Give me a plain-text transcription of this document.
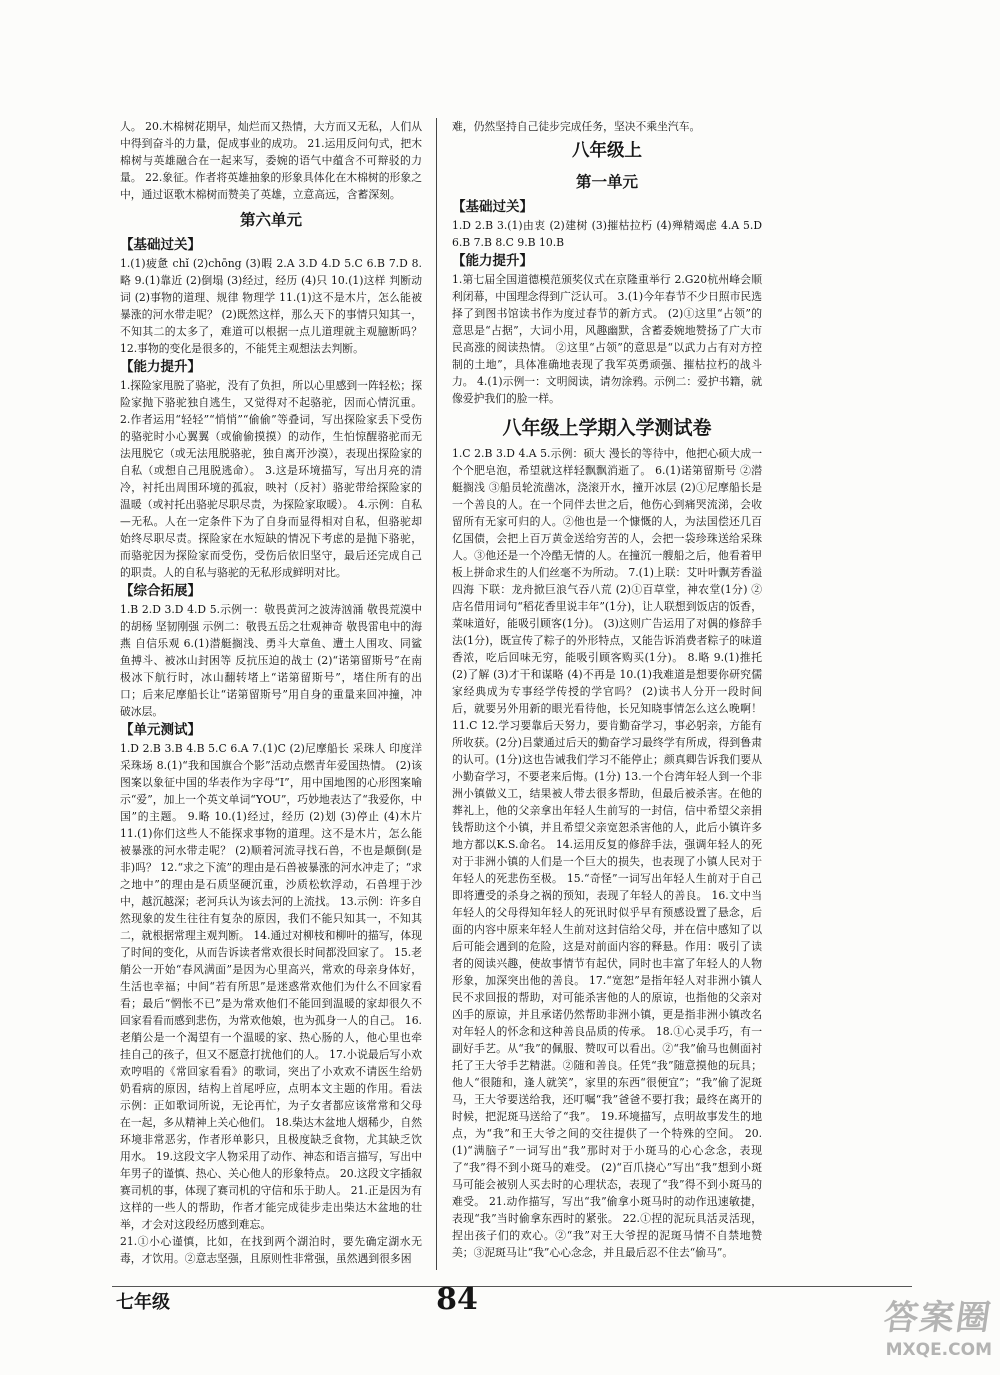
人。 20.木棉树花期早，灿烂而又热情，大方而又无私，人们从中得到奋斗的力量，促成事业的成功。 21.运用反问句式，把木棉树与英雄融合在一起来写，委婉的语气中蕴含不可辩驳的力量。 22.象征。作者将英雄抽象的形象具体化在木棉树的形象之中，通过讴歌木棉树而赞美了英雄，立意高远，含蓄深刻。

第六单元
【基础过关】

1.(1)疲惫 chǐ (2)chōng (3)暇 2.A 3.D 4.D 5.C 6.B 7.D 8.略 9.(1)靠近 (2)倒塌 (3)经过，经历 (4)只 10.(1)这样 判断动词 (2)事物的道理、规律 物理学 11.(1)这不是木片，怎么能被暴涨的河水带走呢？ (2)既然这样，那么天下的事情只知其一，不知其二的太多了，难道可以根据一点儿道理就主观臆断吗？ 12.事物的变化是很多的，不能凭主观想法去判断。

【能力提升】

1.探险家甩脱了骆驼，没有了负担，所以心里感到一阵轻松；探险家抛下骆驼独自逃生，又觉得对不起骆驼，因而心情沉重。 2.作者运用“轻轻”“悄悄”“偷偷”等叠词，写出探险家丢下受伤的骆驼时小心翼翼（或偷偷摸摸）的动作，生怕惊醒骆驼而无法甩脱它（或无法甩脱骆驼，独自离开沙漠），表现出探险家的自私（或想自己甩脱逃命）。 3.这是环境描写，写出月亮的清冷，衬托出周围环境的孤寂，映衬（反衬）骆驼带给探险家的温暖（或衬托出骆驼尽职尽责，为探险家取暖）。 4.示例：自私—无私。人在一定条件下为了自身而显得相对自私，但骆驼却始终尽职尽责。探险家在水短缺的情况下考虑的是抛下骆驼，而骆驼因为探险家而受伤，受伤后依旧坚守，最后还完成自己的职责。人的自私与骆驼的无私形成鲜明对比。

【综合拓展】

1.B 2.D 3.D 4.D 5.示例一：敬畏黄河之波涛汹涌 敬畏荒漠中的胡杨 坚韧刚强 示例二：敬畏五岳之壮观神奇 敬畏雷电中的海燕 自信乐观 6.(1)潜艇搁浅、勇斗大章鱼、遭土人围攻、同鲨鱼搏斗、被冰山封困等 反抗压迫的战士 (2)“诺第留斯号”在南极冰下航行时，冰山翻转堵上“诺第留斯号”，堵住所有的出口；后来尼摩船长让“诺第留斯号”用自身的重量来回冲撞，冲破冰层。

【单元测试】

1.D 2.B 3.B 4.B 5.C 6.A 7.(1)C (2)尼摩船长 采珠人 印度洋采珠场 8.(1)“我和国旗合个影”活动点燃青年爱国热情。 (2)该图案以象征中国的华表作为字母“I”，用中国地图的心形图案喻示“爱”，加上一个英文单词“YOU”，巧妙地表达了“我爱你，中国”的主题。 9.略 10.(1)经过，经历 (2)划 (3)停止 (4)木片 11.(1)你们这些人不能探求事物的道理。这不是木片，怎么能被暴涨的河水带走呢？ (2)顺着河流寻找石兽，不也是颠倒(是非)吗？ 12.“求之下流”的理由是石兽被暴涨的河水冲走了；“求之地中”的理由是石质坚硬沉重，沙质松软浮动，石兽埋于沙中，越沉越深；老河兵认为该去河的上流找。 13.示例：许多自然现象的发生往往有复杂的原因，我们不能只知其一，不知其二，就根据常理主观判断。 14.通过对柳枝和柳叶的描写，体现了时间的变化，从而告诉读者常欢很长时间都没回家了。 15.老艄公一开始“春风满面”是因为心里高兴，常欢的母亲身体好，生活也幸福；中间“若有所思”是迷惑常欢他们为什么不回家看看；最后“惘怅不已”是为常欢他们不能回到温暖的家却很久不回家看看而感到悲伤，为常欢他娘，也为孤身一人的自己。 16.老艄公是一个渴望有一个温暖的家、热心肠的人，他心里也牵挂自己的孩子，但又不愿意打扰他们的人。 17.小说最后写小欢欢哼唱的《常回家看看》的歌词，突出了小欢欢不请医生给奶奶看病的原因，结构上首尾呼应，点明本文主题的作用。看法示例：正如歌词所说，无论再忙，为子女者都应该常常和父母在一起，多从精神上关心他们。 18.柴达木盆地人烟稀少，自然环境非常恶劣，作者形单影只，且极度缺乏食物，尤其缺乏饮用水。 19.这段文字人物采用了动作、神态和语言描写，写出中年男子的谨慎、热心、关心他人的形象特点。 20.这段文字插叙赛司机的事，体现了赛司机的守信和乐于助人。 21.正是因为有这样的一些人的帮助，作者才能完成徒步走出柴达木盆地的壮举，才会对这段经历感到难忘。

21.①小心谨慎，比如，在找到两个湖泊时，要先确定湖水无毒，才饮用。②意志坚强，且原则性非常强，虽然遇到很多困

难，仍然坚持自己徒步完成任务，坚决不乘坐汽车。

八年级上
第一单元
【基础过关】

1.D 2.B 3.(1)由衷 (2)建树 (3)摧枯拉朽 (4)殚精竭虑 4.A 5.D 6.B 7.B 8.C 9.B 10.B

【能力提升】

1.第七届全国道德模范颁奖仪式在京隆重举行 2.G20杭州峰会顺利闭幕，中国理念得到广泛认可。 3.(1)今年春节不少日照市民选择了到图书馆读书作为度过春节的新方式。 (2)①这里“占领”的意思是“占据”，大词小用，风趣幽默，含蓄委婉地赞扬了广大市民高涨的阅读热情。 ②这里“占领”的意思是“以武力占有对方控制的土地”，具体准确地表现了我军英勇顽强、摧枯拉朽的战斗力。 4.(1)示例一：文明阅读，请勿涂鸦。示例二：爱护书籍，就像爱护我们的脸一样。

八年级上学期入学测试卷

1.C 2.B 3.D 4.A 5.示例：硕大 漫长的等待中，他把心硕大成一个个肥皂泡，希望就这样轻飘飘消逝了。 6.(1)诺第留斯号 ②潜艇搁浅 ③船员轮流凿冰，浇滚开水，撞开冰层 (2)①尼摩船长是一个善良的人。在一个同伴去世之后，他伤心到痛哭流涕，会收留所有无家可归的人。②他也是一个慷慨的人，为法国偿还几百亿国债，会把上百万黄金送给穷苦的人，会把一袋珍珠送给采珠人。③他还是一个冷酷无情的人。在撞沉一艘船之后，他看着甲板上拼命求生的人们丝毫不为所动。 7.(1)上联：艾叶叶飘芳香溢四海 下联：龙舟掀巨浪气吞八荒 (2)①百草堂，神农堂(1分) ②店名借用词句“稻花香里说丰年”(1分)，让人联想到饭店的饭香，菜味道好，能吸引顾客(1分)。 (3)这则广告运用了对偶的修辞手法(1分)，既宣传了粽子的外形特点，又能告诉消费者粽子的味道香浓，吃后回味无穷，能吸引顾客购买(1分)。 8.略 9.(1)推托 (2)了解 (3)才干和谋略 (4)不再是 10.(1)我难道是想要你研究儒家经典成为专事经学传授的学官吗？ (2)读书人分开一段时间后，就要另外用新的眼光看待他，长兄知晓事情怎么这么晚啊！ 11.C 12.学习要靠后天努力，要肯勤奋学习，事必躬亲，方能有所收获。(2分)吕蒙通过后天的勤奋学习最终学有所成，得到鲁肃的认可。(1分)这也告诫我们学习不能停止；颜真卿告诉我们要从小勤奋学习，不要老来后悔。(1分) 13.一个台湾年轻人到一个非洲小镇做义工，结果被人带去很多帮助，但最后被杀害。在他的葬礼上，他的父亲拿出年轻人生前写的一封信，信中希望父亲捐钱帮助这个小镇，并且希望父亲宽恕杀害他的人，此后小镇许多地方都以K.S.命名。 14.运用反复的修辞手法，强调年轻人的死对于非洲小镇的人们是一个巨大的损失，也表现了小镇人民对于年轻人的死悲伤至极。 15.“奇怪”一词写出年轻人生前对于自己即将遭受的杀身之祸的预知，表现了年轻人的善良。 16.文中当年轻人的父母得知年轻人的死讯时似乎早有预感设置了悬念，后面的内容中原来年轻人生前对这封信给父母，并在信中感知了以后可能会遇到的危险，这是对前面内容的释悬。作用：吸引了读者的阅读兴趣，使故事情节有起伏，同时也丰富了年轻人的人物形象，加深突出他的善良。 17.“宽恕”是指年轻人对非洲小镇人民不求回报的帮助，对可能杀害他的人的原谅，也指他的父亲对凶手的原谅，并且承诺仍然帮助非洲小镇，更是指非洲小镇改名对年轻人的怀念和这种善良品质的传承。 18.①心灵手巧，有一副好手艺。从“我”的佩服、赞叹可以看出。②“我”偷马也侧面衬托了王大爷手艺精湛。②随和善良。任凭“我”随意摸他的玩具；他人“很随和，逢人就笑”，家里的东西“很便宜”；“我”偷了泥斑马，王大爷要送给我，还叮嘱“我”爸爸不要打我；最终在离开的时候，把泥斑马送给了“我”。 19.环境描写，点明故事发生的地点，为“我”和王大爷之间的交往提供了一个特殊的空间。 20.(1)“满脑子”一词写出“我”那时对于小斑马的心心念念，表现了“我”得不到小斑马的难受。 (2)“百爪挠心”写出“我”想到小斑马可能会被别人买去时的心理状态，表现了“我”得不到小斑马的难受。 21.动作描写，写出“我”偷拿小斑马时的动作迅速敏捷，表现“我”当时偷拿东西时的紧张。 22.①捏的泥玩具活灵活现，捏出孩子们的欢心。②“我”对王大爷捏的泥斑马情不自禁地赞美；③泥斑马让“我”心心念念，并且最后忍不住去“偷马”。

七年级	84	答案圈
MXQE.COM
